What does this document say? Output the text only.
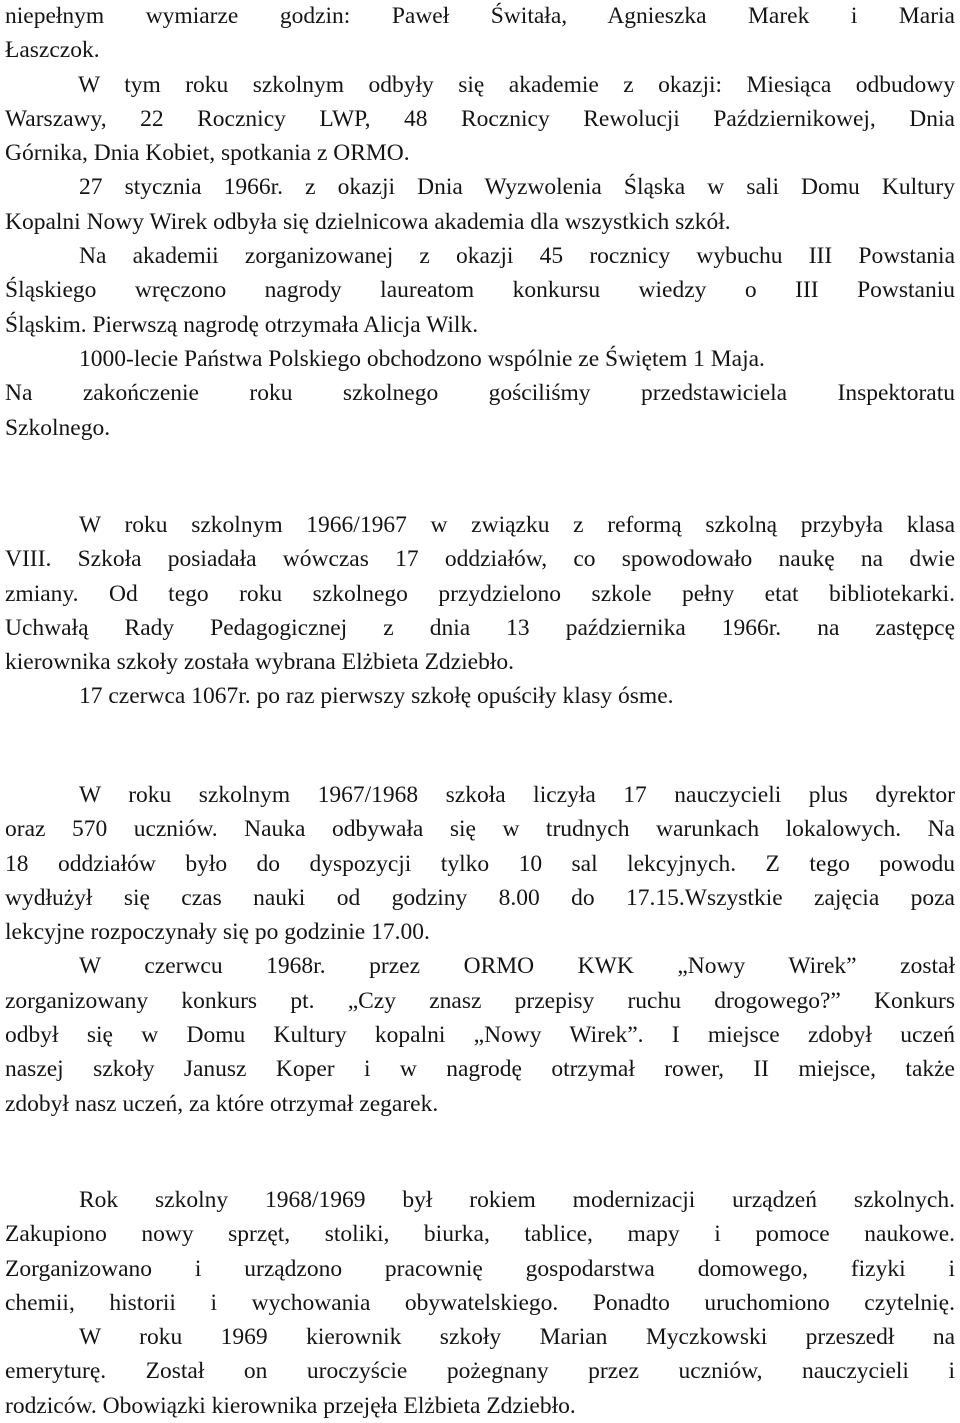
niepełnym wymiarze godzin: Paweł Świtała, Agnieszka Marek i Maria
Łaszczok.
W tym roku szkolnym odbyły się akademie z okazji: Miesiąca odbudowy
Warszawy, 22 Rocznicy LWP, 48 Rocznicy Rewolucji Październikowej, Dnia
Górnika, Dnia Kobiet, spotkania z ORMO.
27 stycznia 1966r. z okazji Dnia Wyzwolenia Śląska w sali Domu Kultury
Kopalni Nowy Wirek odbyła się dzielnicowa akademia dla wszystkich szkół.
Na akademii zorganizowanej z okazji 45 rocznicy wybuchu III Powstania
Śląskiego wręczono nagrody laureatom konkursu wiedzy o III Powstaniu
Śląskim. Pierwszą nagrodę otrzymała Alicja Wilk.
1000-lecie Państwa Polskiego obchodzono wspólnie ze Świętem 1 Maja.
Na zakończenie roku szkolnego gościliśmy przedstawiciela Inspektoratu
Szkolnego.
W roku szkolnym 1966/1967 w związku z reformą szkolną przybyła klasa
VIII. Szkoła posiadała wówczas 17 oddziałów, co spowodowało naukę na dwie
zmiany. Od tego roku szkolnego przydzielono szkole pełny etat bibliotekarki.
Uchwałą Rady Pedagogicznej z dnia 13 października 1966r. na zastępcę
kierownika szkoły została wybrana Elżbieta Zdziebło.
17 czerwca 1067r. po raz pierwszy szkołę opuściły klasy ósme.
W roku szkolnym 1967/1968 szkoła liczyła 17 nauczycieli plus dyrektor
oraz 570 uczniów. Nauka odbywała się w trudnych warunkach lokalowych. Na
18 oddziałów było do dyspozycji tylko 10 sal lekcyjnych. Z tego powodu
wydłużył się czas nauki od godziny 8.00 do 17.15.Wszystkie zajęcia poza
lekcyjne rozpoczynały się po godzinie 17.00.
W czerwcu 1968r. przez ORMO KWK „Nowy Wirek” został
zorganizowany konkurs pt. „Czy znasz przepisy ruchu drogowego?” Konkurs
odbył się w Domu Kultury kopalni „Nowy Wirek”. I miejsce zdobył uczeń
naszej szkoły Janusz Koper i w nagrodę otrzymał rower, II miejsce, także
zdobył nasz uczeń, za które otrzymał zegarek.
Rok szkolny 1968/1969 był rokiem modernizacji urządzeń szkolnych.
Zakupiono nowy sprzęt, stoliki, biurka, tablice, mapy i pomoce naukowe.
Zorganizowano i urządzono pracownię gospodarstwa domowego, fizyki i
chemii, historii i wychowania obywatelskiego. Ponadto uruchomiono czytelnię.
W roku 1969 kierownik szkoły Marian Myczkowski przeszedł na
emeryturę. Został on uroczyście pożegnany przez uczniów, nauczycieli i
rodziców. Obowiązki kierownika przejęła Elżbieta Zdziebło.
